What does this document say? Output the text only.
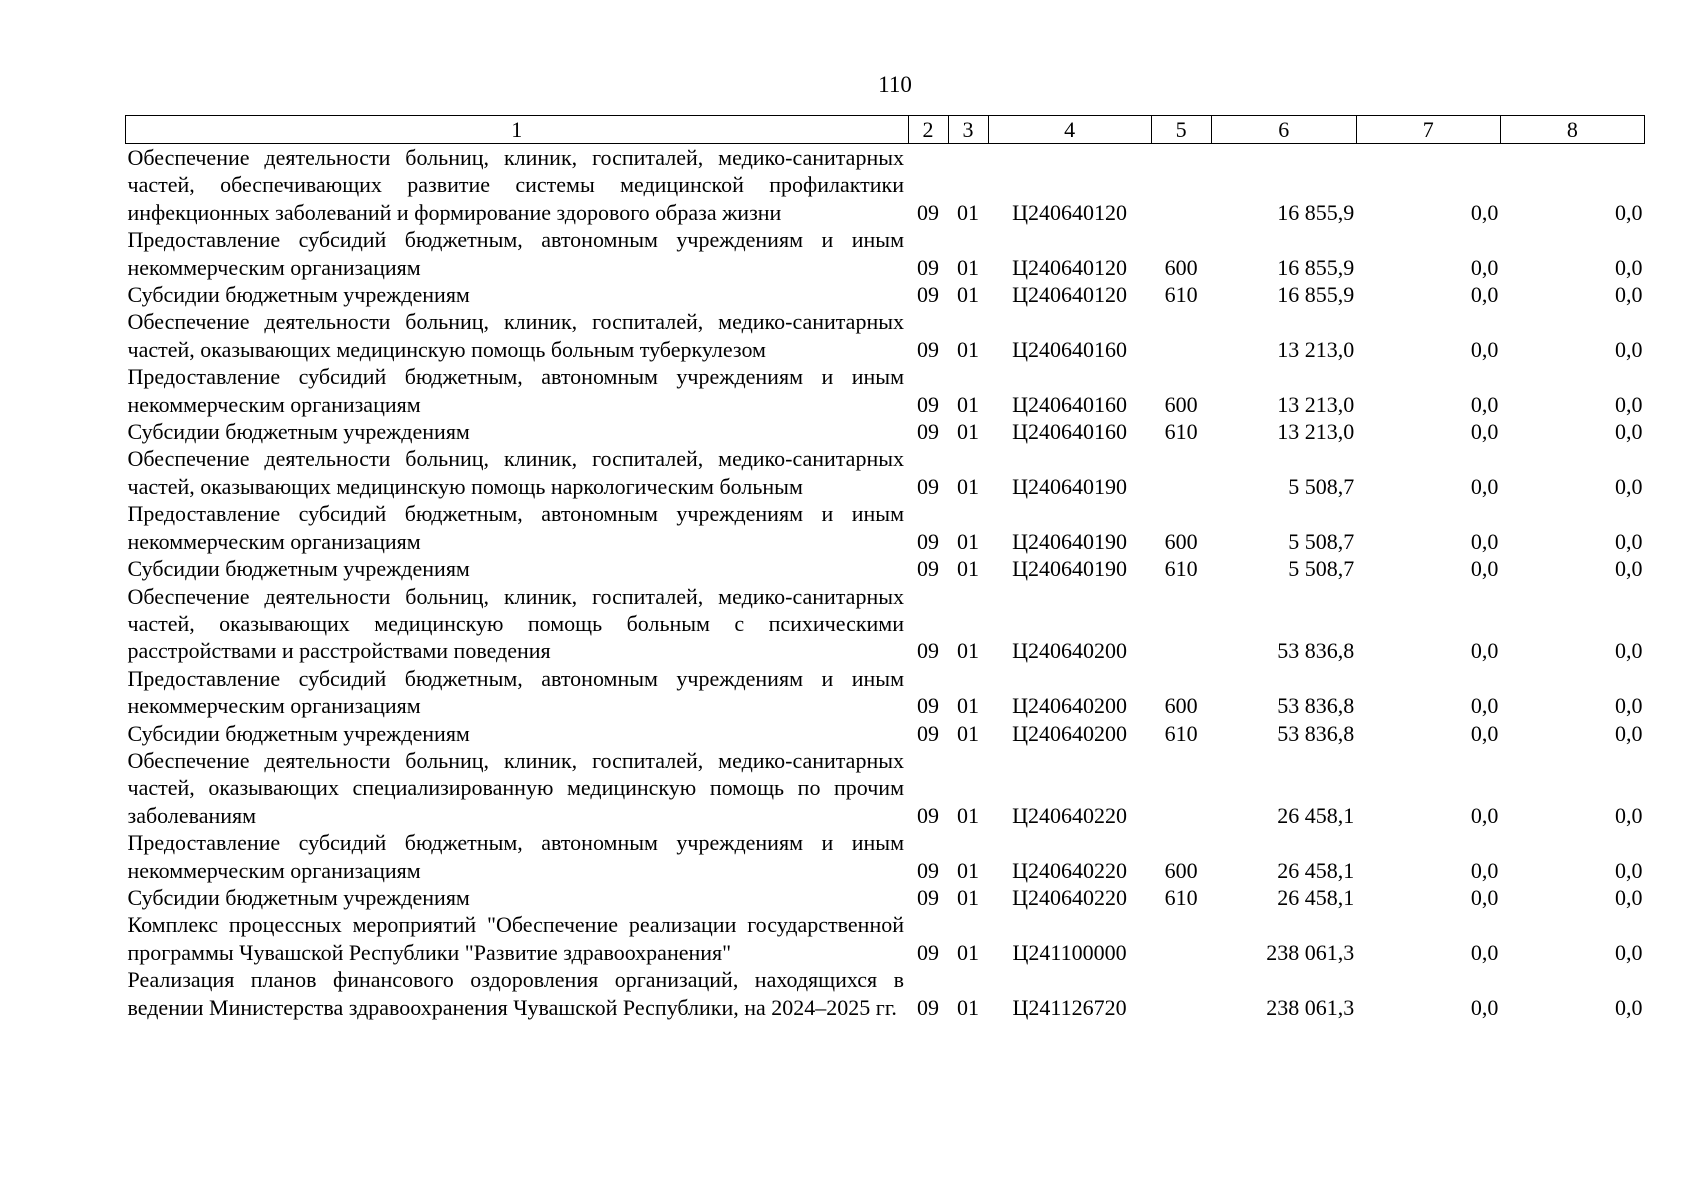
110
1	2	3	4	5	6	7	8
Обеспечение деятельности больниц, клиник, госпиталей, медико-санитарных частей, обеспечивающих развитие системы медицинской профилактики инфекционных заболеваний и формирование здорового образа жизни	09	01	Ц240640120		16 855,9	0,0	0,0
Предоставление субсидий бюджетным, автономным учреждениям и иным некоммерческим организациям	09	01	Ц240640120	600	16 855,9	0,0	0,0
Субсидии бюджетным учреждениям	09	01	Ц240640120	610	16 855,9	0,0	0,0
Обеспечение деятельности больниц, клиник, госпиталей, медико-санитарных частей, оказывающих медицинскую помощь больным туберкулезом	09	01	Ц240640160		13 213,0	0,0	0,0
Предоставление субсидий бюджетным, автономным учреждениям и иным некоммерческим организациям	09	01	Ц240640160	600	13 213,0	0,0	0,0
Субсидии бюджетным учреждениям	09	01	Ц240640160	610	13 213,0	0,0	0,0
Обеспечение деятельности больниц, клиник, госпиталей, медико-санитарных частей, оказывающих медицинскую помощь наркологическим больным	09	01	Ц240640190		5 508,7	0,0	0,0
Предоставление субсидий бюджетным, автономным учреждениям и иным некоммерческим организациям	09	01	Ц240640190	600	5 508,7	0,0	0,0
Субсидии бюджетным учреждениям	09	01	Ц240640190	610	5 508,7	0,0	0,0
Обеспечение деятельности больниц, клиник, госпиталей, медико-санитарных частей, оказывающих медицинскую помощь больным с психическими расстройствами и расстройствами поведения	09	01	Ц240640200		53 836,8	0,0	0,0
Предоставление субсидий бюджетным, автономным учреждениям и иным некоммерческим организациям	09	01	Ц240640200	600	53 836,8	0,0	0,0
Субсидии бюджетным учреждениям	09	01	Ц240640200	610	53 836,8	0,0	0,0
Обеспечение деятельности больниц, клиник, госпиталей, медико-санитарных частей, оказывающих специализированную медицинскую помощь по прочим заболеваниям	09	01	Ц240640220		26 458,1	0,0	0,0
Предоставление субсидий бюджетным, автономным учреждениям и иным некоммерческим организациям	09	01	Ц240640220	600	26 458,1	0,0	0,0
Субсидии бюджетным учреждениям	09	01	Ц240640220	610	26 458,1	0,0	0,0
Комплекс процессных мероприятий "Обеспечение реализации государственной программы Чувашской Республики "Развитие здравоохранения"	09	01	Ц241100000		238 061,3	0,0	0,0
Реализация планов финансового оздоровления организаций, находящихся в ведении Министерства здравоохранения Чувашской Республики, на 2024–2025 гг.	09	01	Ц241126720		238 061,3	0,0	0,0
